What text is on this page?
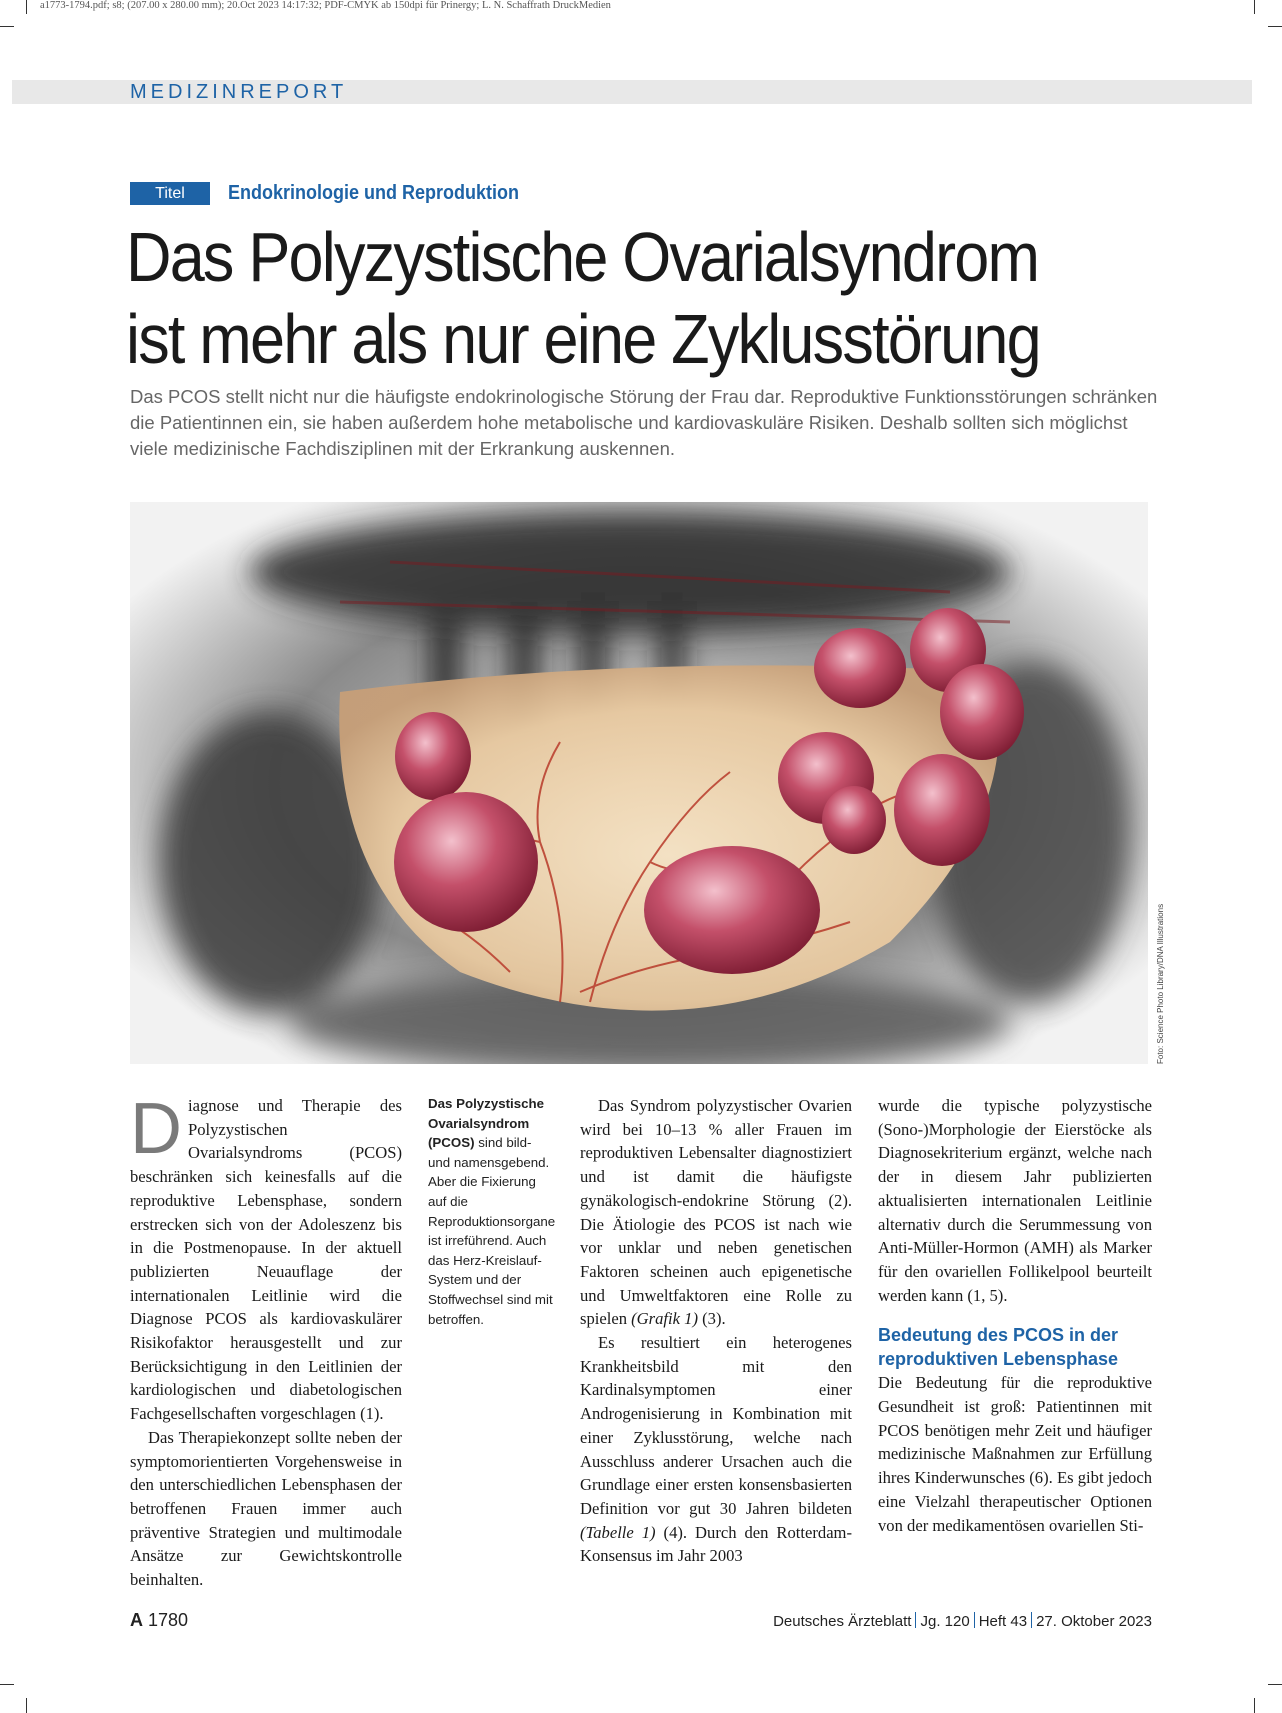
a1773-1794.pdf; s8; (207.00 x 280.00 mm); 20.Oct 2023 14:17:32; PDF-CMYK ab 150dpi für Prinergy; L. N. Schaffrath DruckMedien
MEDIZINREPORT
Titel	Endokrinologie und Reproduktion
Das Polyzystische Ovarialsyndrom
ist mehr als nur eine Zyklusstörung
Das PCOS stellt nicht nur die häufigste endokrinologische Störung der Frau dar. Reproduktive Funktionsstörungen schränken die Patientinnen ein, sie haben außerdem hohe metabolische und kardiovaskuläre Risiken. Deshalb sollten sich möglichst viele medizinische Fachdisziplinen mit der Erkrankung auskennen.
Foto: Science Photo Library/DNA Illustrations

Diagnose und Therapie des Polyzystischen Ovarialsyndroms (PCOS) beschränken sich keinesfalls auf die reproduktive Lebensphase, sondern erstrecken sich von der Adoleszenz bis in die Postmenopause. In der aktuell publizierten Neuauflage der internationalen Leitlinie wird die Diagnose PCOS als kardiovaskulärer Risikofaktor herausgestellt und zur Berücksichtigung in den Leitlinien der kardiologischen und diabetologischen Fachgesellschaften vorgeschlagen (1).

Das Therapiekonzept sollte neben der symptomorientierten Vorgehensweise in den unterschiedlichen Lebensphasen der betroffenen Frauen immer auch präventive Strategien und multimodale Ansätze zur Gewichtskontrolle beinhalten.

Das Polyzystische Ovarialsyndrom (PCOS) sind bild- und namensgebend. Aber die Fixierung auf die Reproduktionsorgane ist irreführend. Auch das Herz-Kreislauf-System und der Stoffwechsel sind mit betroffen.

Das Syndrom polyzystischer Ovarien wird bei 10–13 % aller Frauen im reproduktiven Lebensalter diagnostiziert und ist damit die häufigste gynäkologisch-endokrine Störung (2). Die Ätiologie des PCOS ist nach wie vor unklar und neben genetischen Faktoren scheinen auch epigenetische und Umweltfaktoren eine Rolle zu spielen (Grafik 1) (3).

Es resultiert ein heterogenes Krankheitsbild mit den Kardinalsymptomen einer Androgenisierung in Kombination mit einer Zyklusstörung, welche nach Ausschluss anderer Ursachen auch die Grundlage einer ersten konsensbasierten Definition vor gut 30 Jahren bildeten (Tabelle 1) (4). Durch den Rotterdam-Konsensus im Jahr 2003

wurde die typische polyzystische (Sono-)Morphologie der Eierstöcke als Diagnosekriterium ergänzt, welche nach der in diesem Jahr publizierten aktualisierten internationalen Leitlinie alternativ durch die Serummessung von Anti-Müller-Hormon (AMH) als Marker für den ovariellen Follikelpool beurteilt werden kann (1, 5).

Bedeutung des PCOS in der reproduktiven Lebensphase

Die Bedeutung für die reproduktive Gesundheit ist groß: Patientinnen mit PCOS benötigen mehr Zeit und häufiger medizinische Maßnahmen zur Erfüllung ihres Kinderwunsches (6). Es gibt jedoch eine Vielzahl therapeutischer Optionen von der medikamentösen ovariellen Sti-

A 1780	Deutsches Ärzteblatt Jg. 120 Heft 43 27. Oktober 2023
